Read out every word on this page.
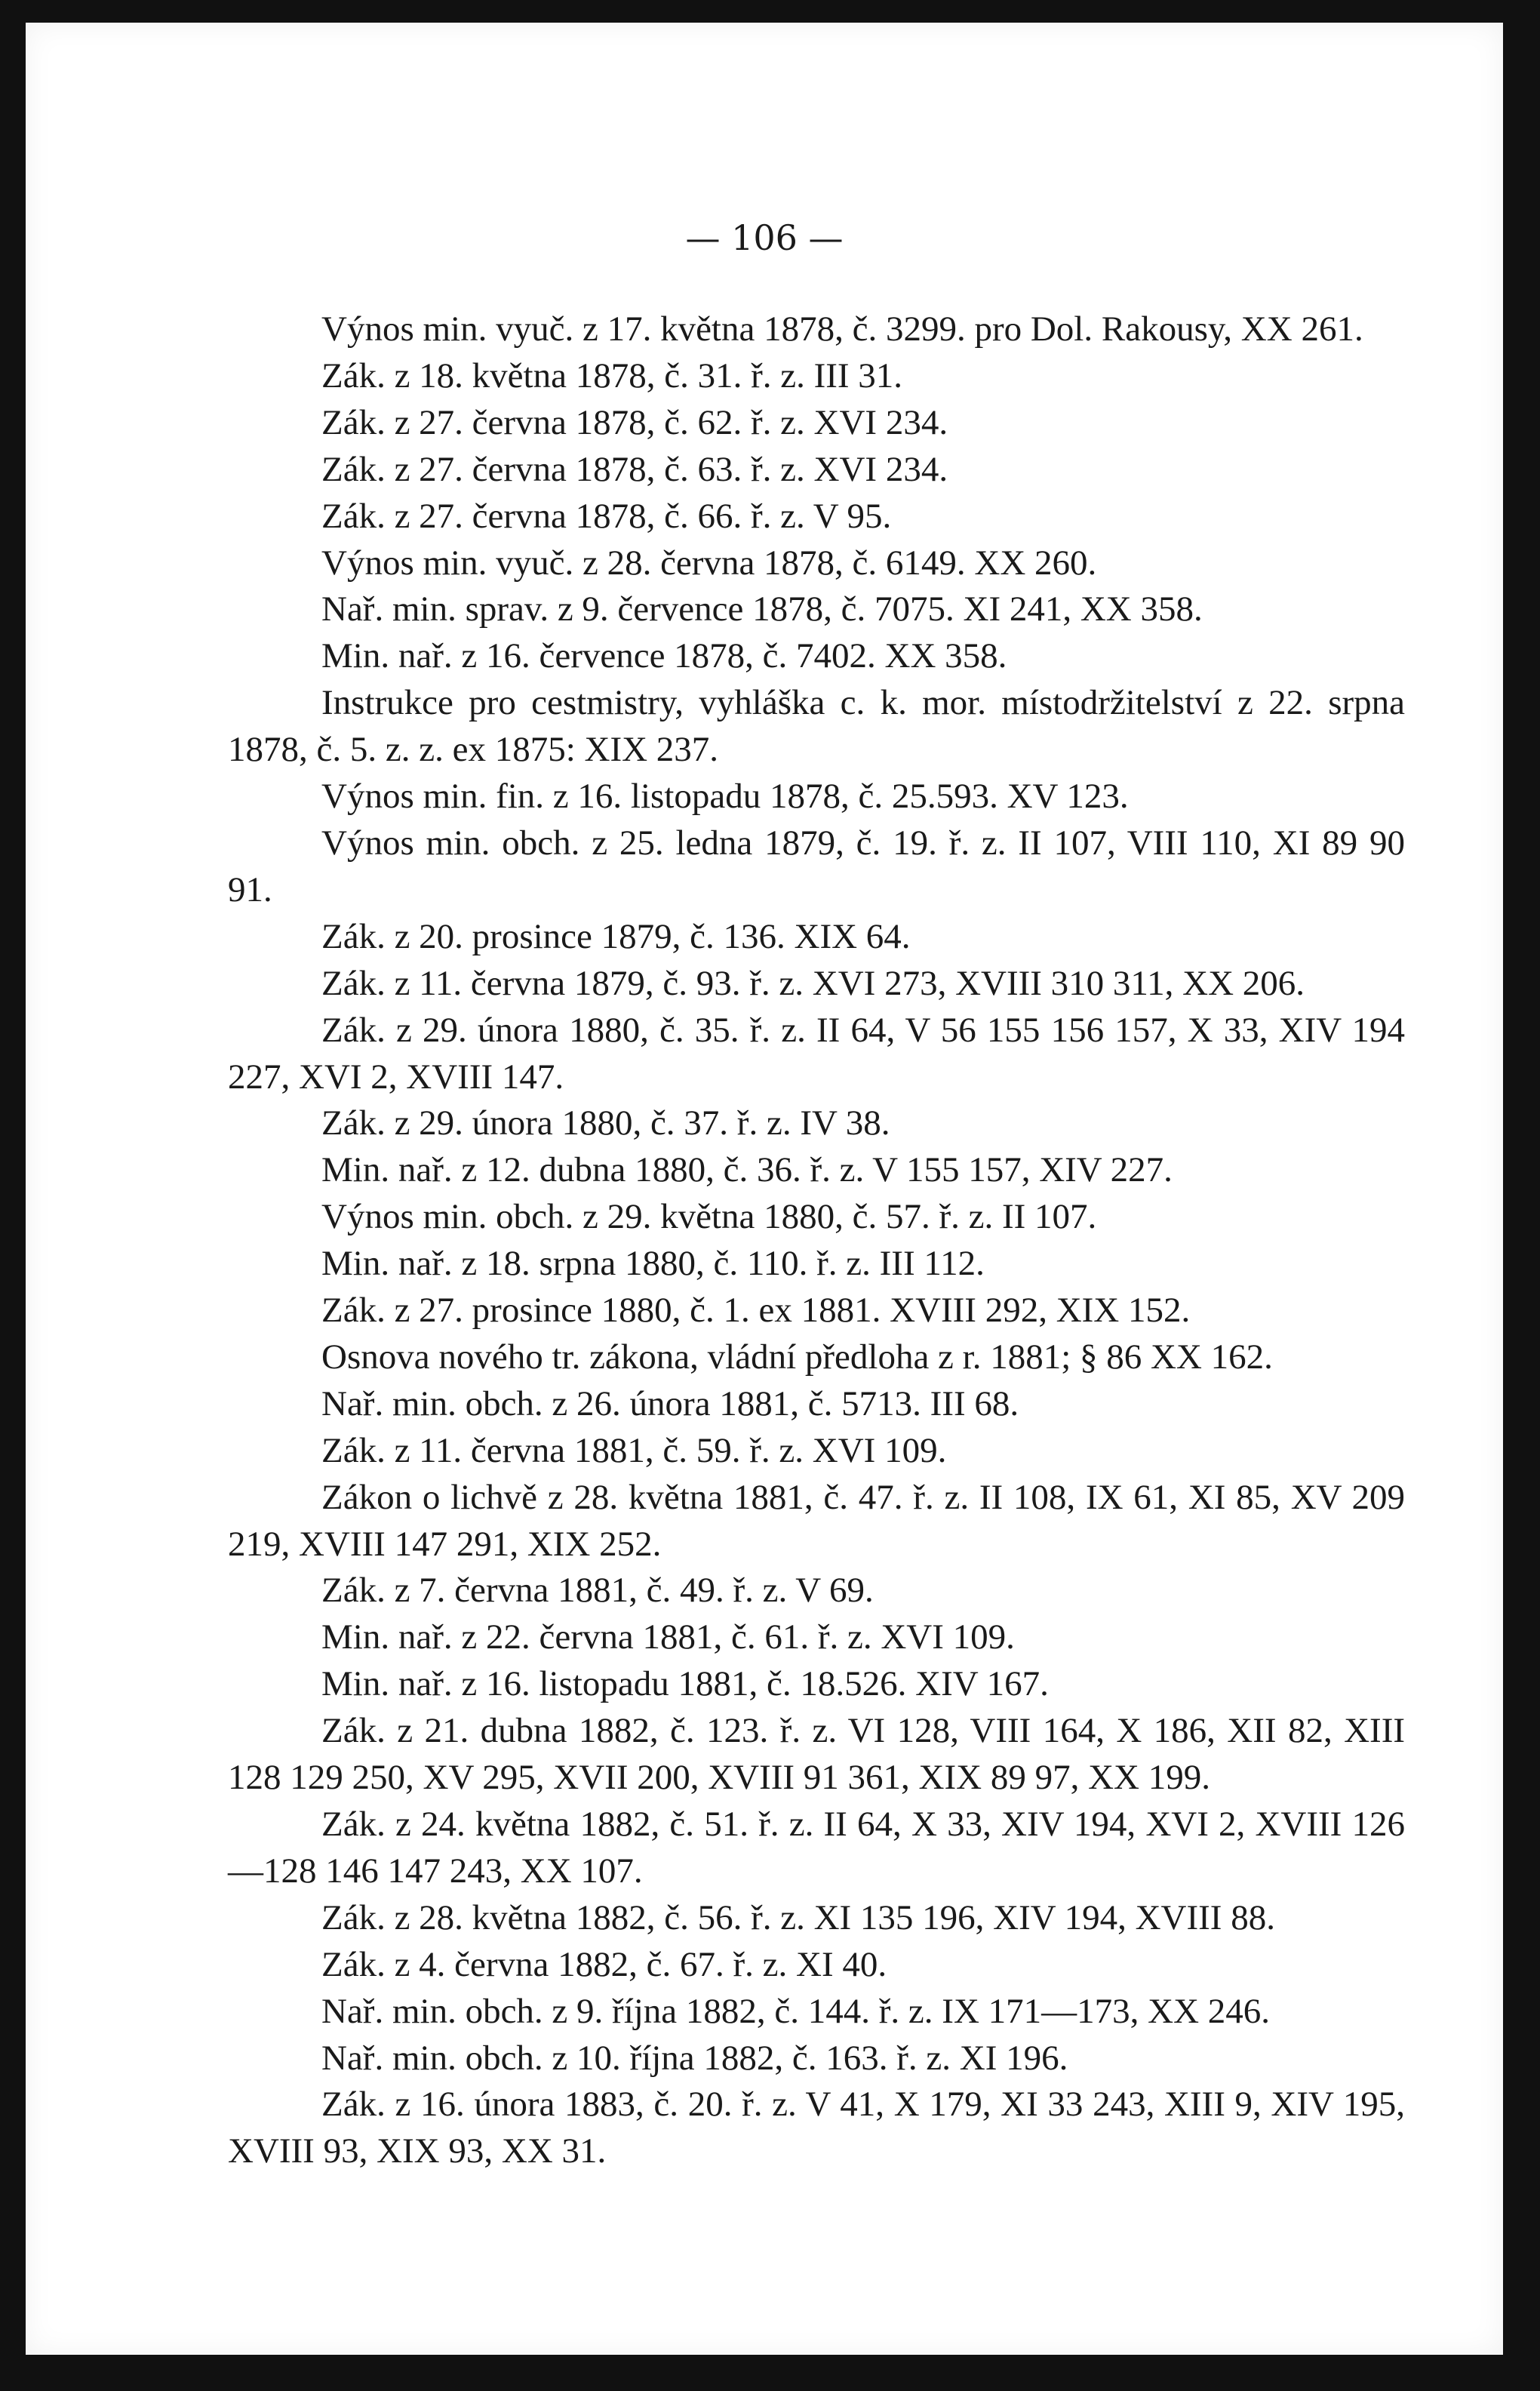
— 106 —

Výnos min. vyuč. z 17. května 1878, č. 3299. pro Dol. Rakousy, XX 261.

Zák. z 18. května 1878, č. 31. ř. z. III 31.

Zák. z 27. června 1878, č. 62. ř. z. XVI 234.

Zák. z 27. června 1878, č. 63. ř. z. XVI 234.

Zák. z 27. června 1878, č. 66. ř. z. V 95.

Výnos min. vyuč. z 28. června 1878, č. 6149. XX 260.

Nař. min. sprav. z 9. července 1878, č. 7075. XI 241, XX 358.

Min. nař. z 16. července 1878, č. 7402. XX 358.

Instrukce pro cestmistry, vyhláška c. k. mor. místodržitelství z 22. srpna 1878, č. 5. z. z. ex 1875: XIX 237.

Výnos min. fin. z 16. listopadu 1878, č. 25.593. XV 123.

Výnos min. obch. z 25. ledna 1879, č. 19. ř. z. II 107, VIII 110, XI 89 90 91.

Zák. z 20. prosince 1879, č. 136. XIX 64.

Zák. z 11. června 1879, č. 93. ř. z. XVI 273, XVIII 310 311, XX 206.

Zák. z 29. února 1880, č. 35. ř. z. II 64, V 56 155 156 157, X 33, XIV 194 227, XVI 2, XVIII 147.

Zák. z 29. února 1880, č. 37. ř. z. IV 38.

Min. nař. z 12. dubna 1880, č. 36. ř. z. V 155 157, XIV 227.

Výnos min. obch. z 29. května 1880, č. 57. ř. z. II 107.

Min. nař. z 18. srpna 1880, č. 110. ř. z. III 112.

Zák. z 27. prosince 1880, č. 1. ex 1881. XVIII 292, XIX 152.

Osnova nového tr. zákona, vládní předloha z r. 1881; § 86 XX 162.

Nař. min. obch. z 26. února 1881, č. 5713. III 68.

Zák. z 11. června 1881, č. 59. ř. z. XVI 109.

Zákon o lichvě z 28. května 1881, č. 47. ř. z. II 108, IX 61, XI 85, XV 209 219, XVIII 147 291, XIX 252.

Zák. z 7. června 1881, č. 49. ř. z. V 69.

Min. nař. z 22. června 1881, č. 61. ř. z. XVI 109.

Min. nař. z 16. listopadu 1881, č. 18.526. XIV 167.

Zák. z 21. dubna 1882, č. 123. ř. z. VI 128, VIII 164, X 186, XII 82, XIII 128 129 250, XV 295, XVII 200, XVIII 91 361, XIX 89 97, XX 199.

Zák. z 24. května 1882, č. 51. ř. z. II 64, X 33, XIV 194, XVI 2, XVIII 126—128 146 147 243, XX 107.

Zák. z 28. května 1882, č. 56. ř. z. XI 135 196, XIV 194, XVIII 88.

Zák. z 4. června 1882, č. 67. ř. z. XI 40.

Nař. min. obch. z 9. října 1882, č. 144. ř. z. IX 171—173, XX 246.

Nař. min. obch. z 10. října 1882, č. 163. ř. z. XI 196.

Zák. z 16. února 1883, č. 20. ř. z. V 41, X 179, XI 33 243, XIII 9, XIV 195, XVIII 93, XIX 93, XX 31.
